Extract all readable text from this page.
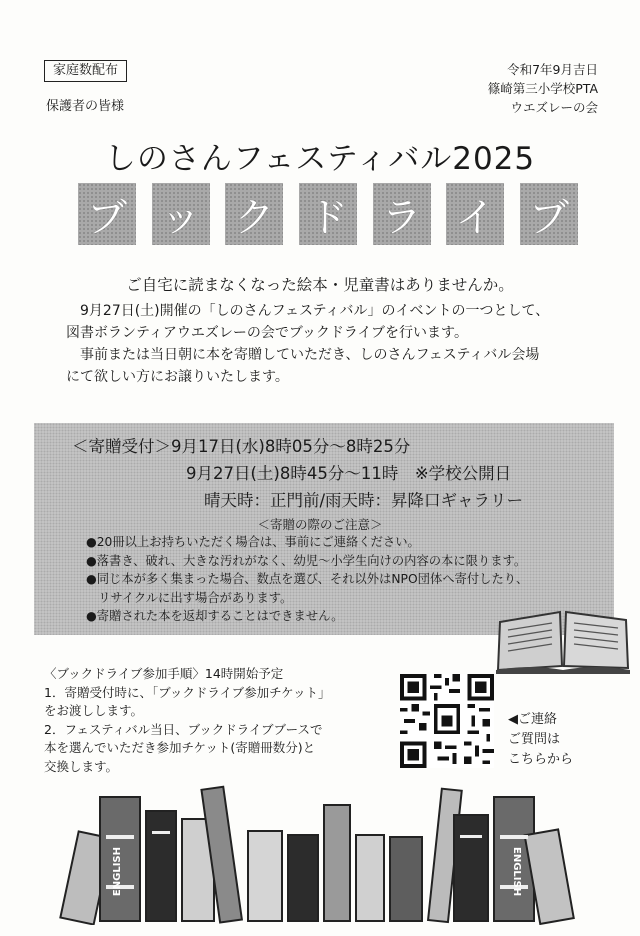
家庭数配布
保護者の皆様
令和7年9月吉日
篠崎第三小学校PTA
ウエズレーの会
しのさんフェスティバル2025
ブ ッ ク ド ラ イ ブ
ご自宅に読まなくなった絵本・児童書はありませんか。

9月27日(土)開催の「しのさんフェスティバル」のイベントの一つとして、

図書ボランティアウエズレーの会でブックドライブを行います。

事前または当日朝に本を寄贈していただき、しのさんフェスティバル会場

にて欲しい方にお譲りいたします。

＜寄贈受付＞9月17日(水)8時05分～8時25分
9月27日(土)8時45分～11時　※学校公開日
晴天時：正門前/雨天時：昇降口ギャラリー
＜寄贈の際のご注意＞

●20冊以上お持ちいただく場合は、事前にご連絡ください。

●落書き、破れ、大きな汚れがなく、幼児～小学生向けの内容の本に限ります。

●同じ本が多く集まった場合、数点を選び、それ以外はNPO団体へ寄付したり、

リサイクルに出す場合があります。

●寄贈された本を返却することはできません。

〈ブックドライブ参加手順〉14時開始予定

1．寄贈受付時に、「ブックドライブ参加チケット」

をお渡しします。

2．フェスティバル当日、ブックドライブブースで

本を選んでいただき参加チケット(寄贈冊数分)と

交換します。

◀ご連絡
ご質問は
こちらから
ENGLISH	ENGLISH
